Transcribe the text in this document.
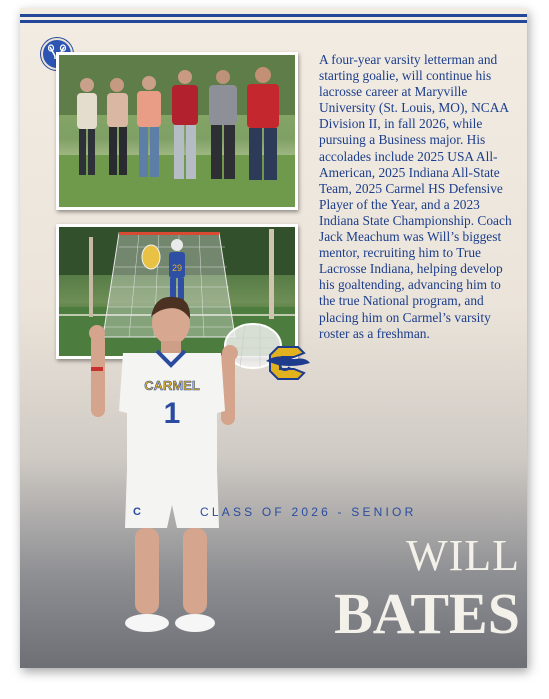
29
A four-year varsity letterman and starting goalie, will continue his lacrosse career at Maryville University (St. Louis, MO), NCAA Division II, in fall 2026, while pursuing a Business major. His accolades include 2025 USA All-American, 2025 Indiana All-State Team, 2025 Carmel HS Defensive Player of the Year, and a 2023 Indiana State Championship. Coach Jack Meachum was Will’s biggest mentor, recruiting him to True Lacrosse Indiana, helping develop his goaltending, advancing him to the true National program, and placing him on Carmel’s varsity roster as a freshman.
CARMEL
1
C	CLASS OF 2026 - SENIOR
WILL
BATES
